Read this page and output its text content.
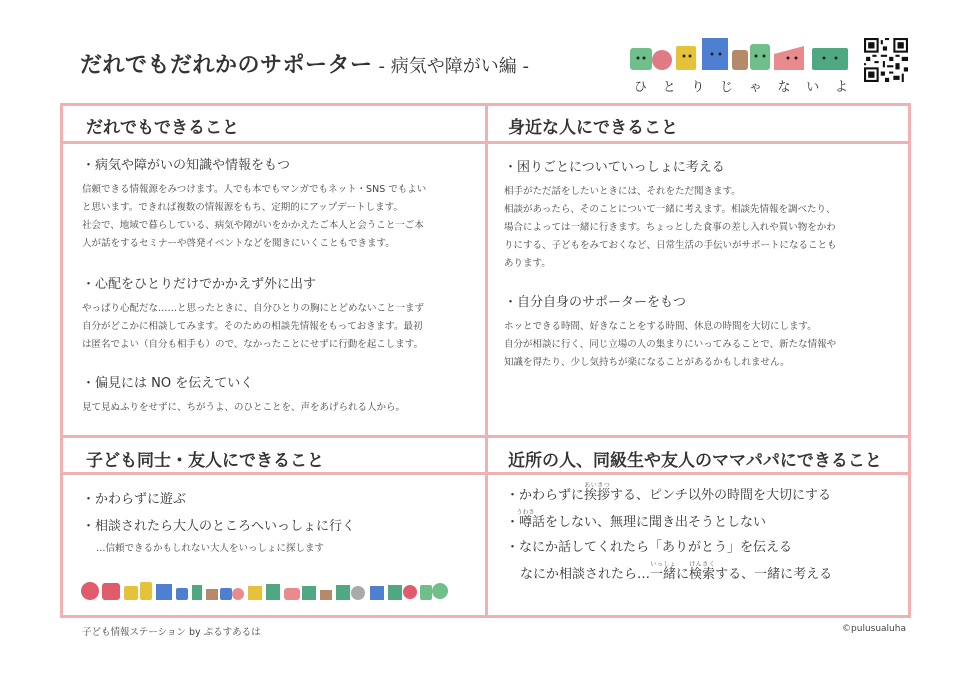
だれでもだれかのサポーター - 病気や障がい編 -
ひ と り じ ゃ な い よ
だれでもできること
・病気や障がいの知識や情報をもつ
信頼できる情報源をみつけます。人でも本でもマンガでもネット・SNS でもよい
と思います。できれば複数の情報源をもち、定期的にアップデートします。
社会で、地域で暮らしている、病気や障がいをかかえたご本人と会うこと一ご本
人が話をするセミナーや啓発イベントなどを聞きにいくこともできます。
・心配をひとりだけでかかえず外に出す
やっぱり心配だな……と思ったときに、自分ひとりの胸にとどめないこと一まず
自分がどこかに相談してみます。そのための相談先情報をもっておきます。最初
は匿名でよい（自分も相手も）ので、なかったことにせずに行動を起こします。
・偏見には NO を伝えていく
見て見ぬふりをせずに、ちがうよ、のひとことを、声をあげられる人から。
身近な人にできること
・困りごとについていっしょに考える
相手がただ話をしたいときには、それをただ聞きます。
相談があったら、そのことについて一緒に考えます。相談先情報を調べたり、
場合によっては一緒に行きます。ちょっとした食事の差し入れや買い物をかわ
りにする、子どもをみておくなど、日常生活の手伝いがサポートになることも
あります。
・自分自身のサポーターをもつ
ホッとできる時間、好きなことをする時間、休息の時間を大切にします。
自分が相談に行く、同じ立場の人の集まりにいってみることで、新たな情報や
知識を得たり、少し気持ちが楽になることがあるかもしれません。
子ども同士・友人にできること
・かわらずに遊ぶ
・相談されたら大人のところへいっしょに行く
…信頼できるかもしれない大人をいっしょに探します
近所の人、同級生や友人のママパパにできること
・かわらずに挨拶あいさつする、ピンチ以外の時間を大切にする
・噂うわさ話をしない、無理に聞き出そうとしない
・なにか話してくれたら「ありがとう」を伝える
なにか相談されたら…一緒いっしょに検索けんさくする、一緒に考える
子ども情報ステーション by ぷるすあるは	©pulusualuha
